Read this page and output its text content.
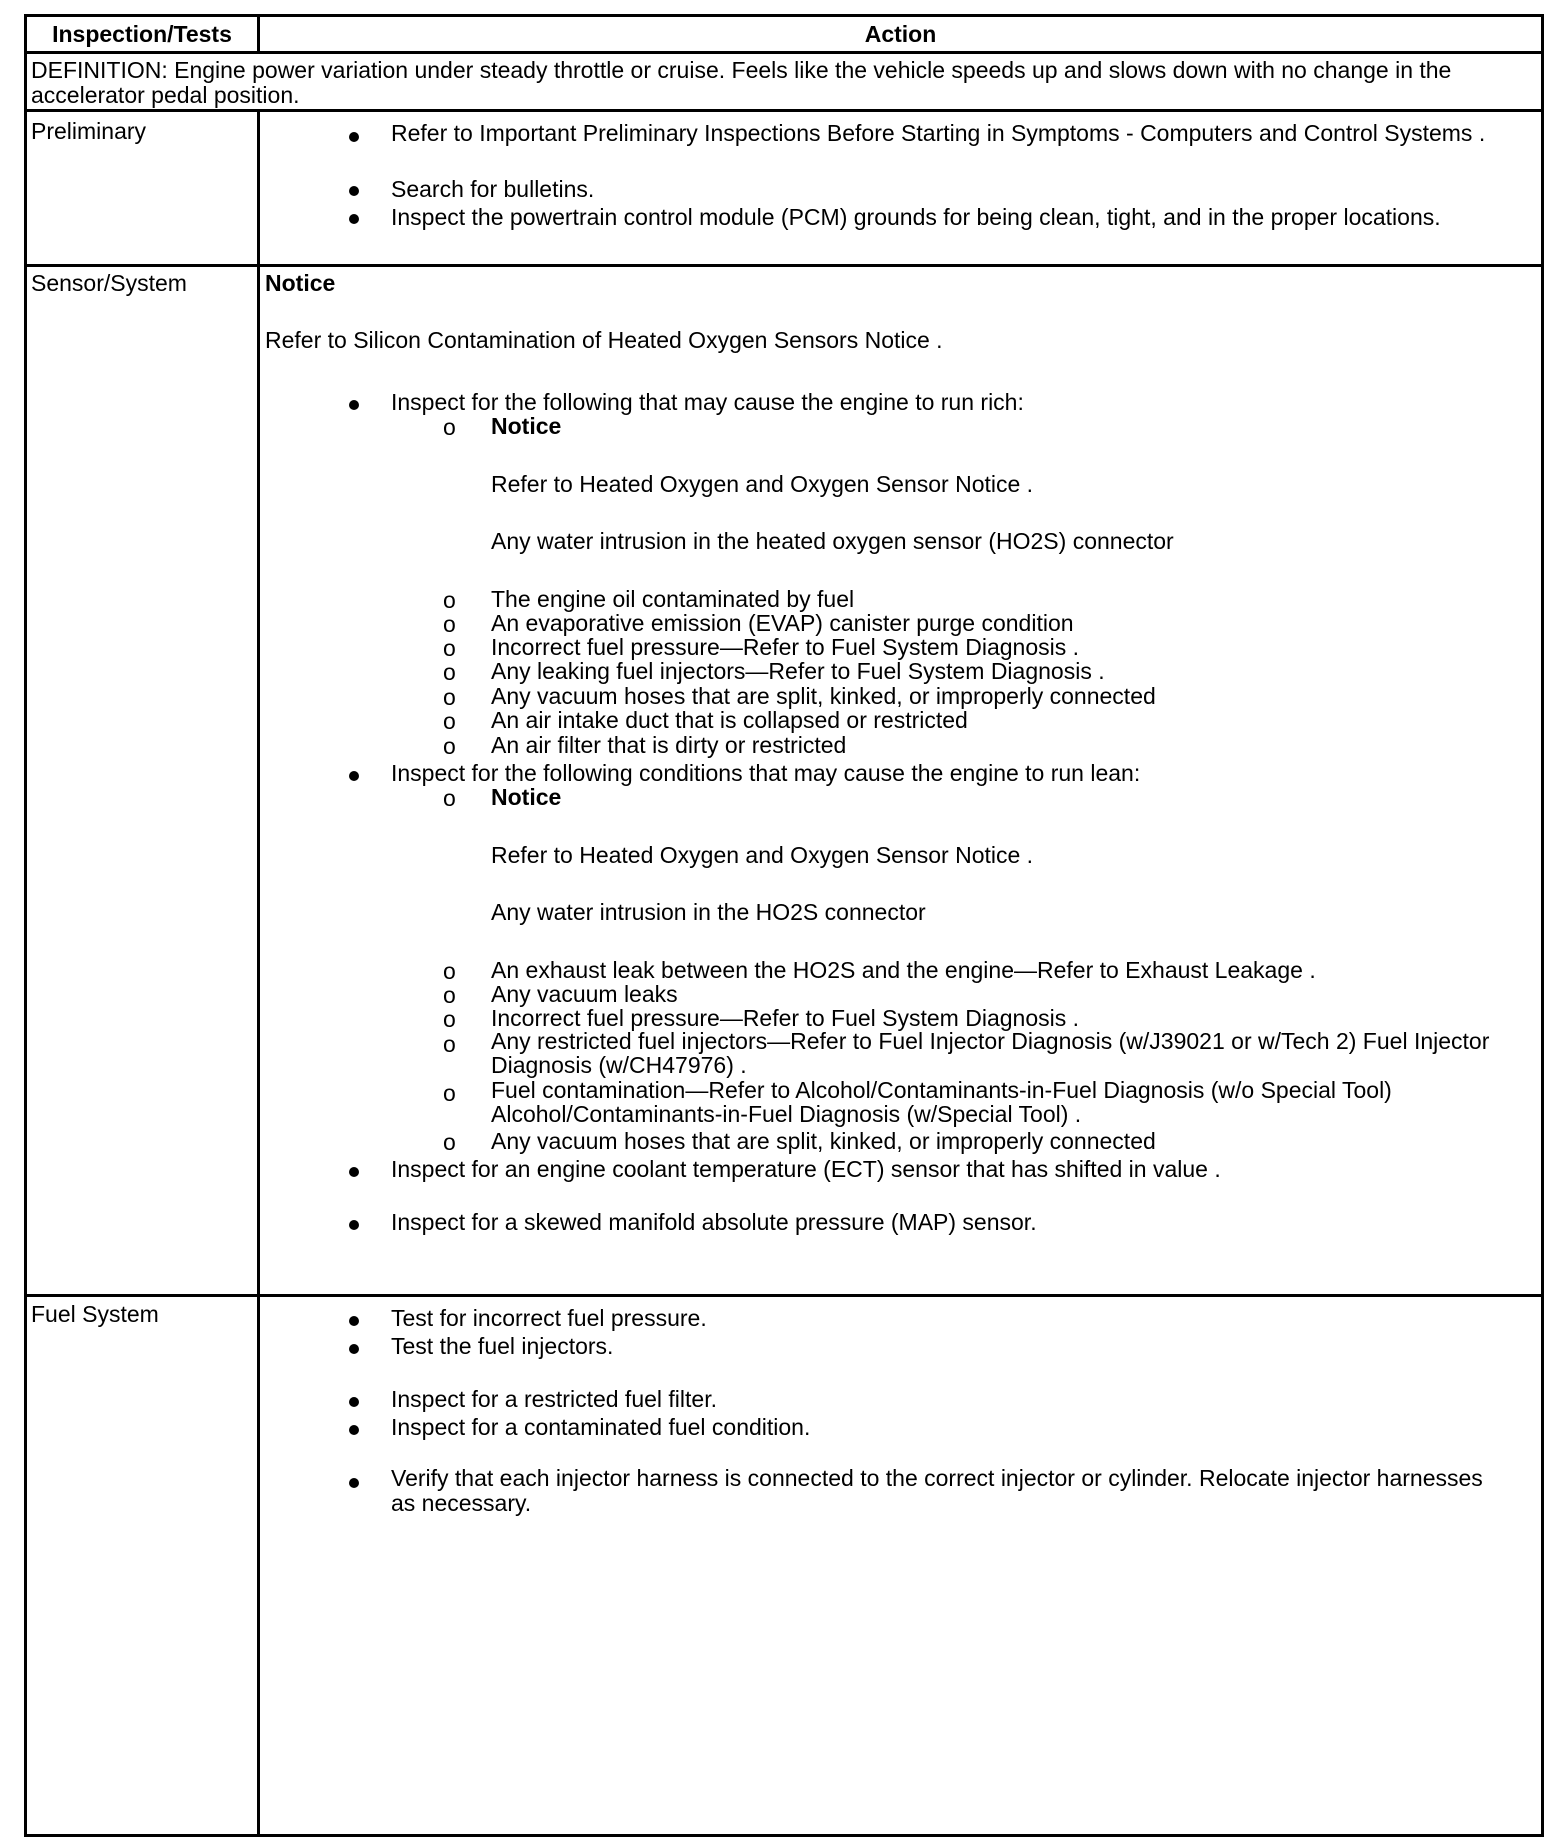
Inspection/Tests	Action
DEFINITION: Engine power variation under steady throttle or cruise. Feels like the vehicle speeds up and slows down with no change in the accelerator pedal position.
Preliminary	Refer to Important Preliminary Inspections Before Starting in Symptoms - Computers and Control Systems .
Search for bulletins.
Inspect the powertrain control module (PCM) grounds for being clean, tight, and in the proper locations.
Sensor/System	Notice
Refer to Silicon Contamination of Heated Oxygen Sensors Notice .
Inspect for the following that may cause the engine to run rich:
o Notice
Refer to Heated Oxygen and Oxygen Sensor Notice .
Any water intrusion in the heated oxygen sensor (HO2S) connector
o The engine oil contaminated by fuel
o An evaporative emission (EVAP) canister purge condition
o Incorrect fuel pressure—Refer to Fuel System Diagnosis .
o Any leaking fuel injectors—Refer to Fuel System Diagnosis .
o Any vacuum hoses that are split, kinked, or improperly connected
o An air intake duct that is collapsed or restricted
o An air filter that is dirty or restricted
Inspect for the following conditions that may cause the engine to run lean:
o Notice
Refer to Heated Oxygen and Oxygen Sensor Notice .
Any water intrusion in the HO2S connector
o An exhaust leak between the HO2S and the engine—Refer to Exhaust Leakage .
o Any vacuum leaks
o Incorrect fuel pressure—Refer to Fuel System Diagnosis .
o Any restricted fuel injectors—Refer to Fuel Injector Diagnosis (w/J39021 or w/Tech 2) Fuel Injector Diagnosis (w/CH47976) .
o Fuel contamination—Refer to Alcohol/Contaminants-in-Fuel Diagnosis (w/o Special Tool) Alcohol/Contaminants-in-Fuel Diagnosis (w/Special Tool) .
o Any vacuum hoses that are split, kinked, or improperly connected
Inspect for an engine coolant temperature (ECT) sensor that has shifted in value .
Inspect for a skewed manifold absolute pressure (MAP) sensor.
Fuel System	Test for incorrect fuel pressure.
Test the fuel injectors.
Inspect for a restricted fuel filter.
Inspect for a contaminated fuel condition.
Verify that each injector harness is connected to the correct injector or cylinder. Relocate injector harnesses as necessary.
